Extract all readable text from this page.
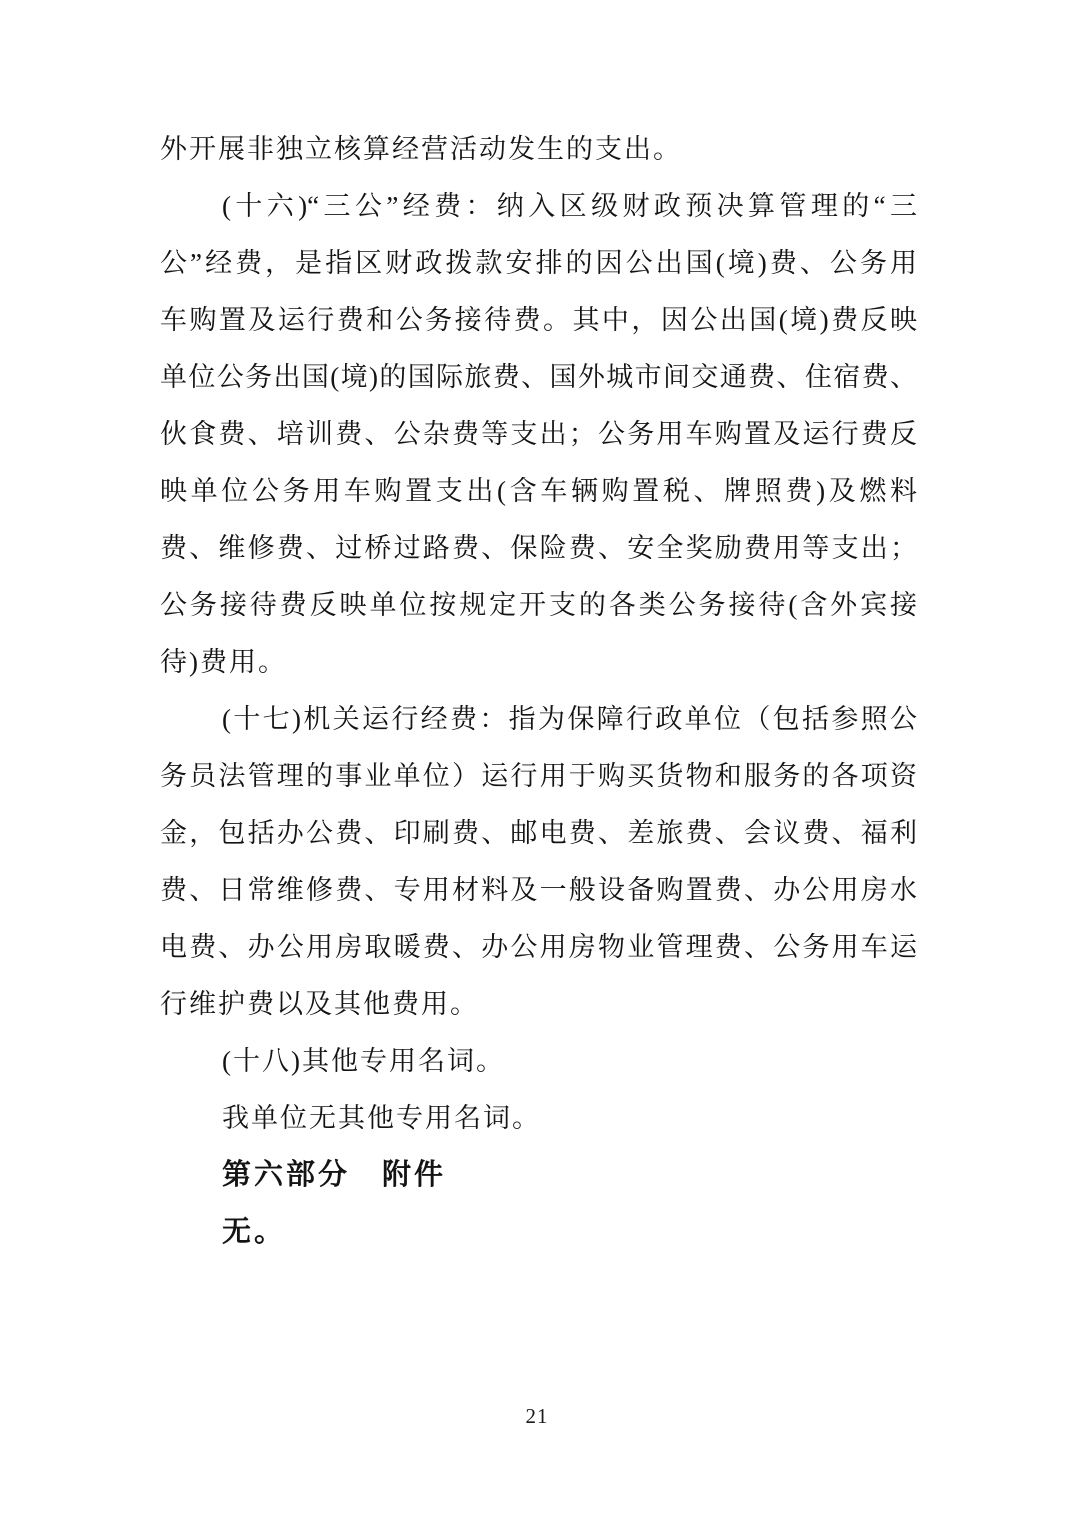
外开展非独立核算经营活动发生的支出。
(十六)“三公”经费：纳入区级财政预决算管理的“三
公”经费，是指区财政拨款安排的因公出国(境)费、公务用
车购置及运行费和公务接待费。其中，因公出国(境)费反映
单位公务出国(境)的国际旅费、国外城市间交通费、住宿费、
伙食费、培训费、公杂费等支出；公务用车购置及运行费反
映单位公务用车购置支出(含车辆购置税、牌照费)及燃料
费、维修费、过桥过路费、保险费、安全奖励费用等支出；
公务接待费反映单位按规定开支的各类公务接待(含外宾接
待)费用。
(十七)机关运行经费：指为保障行政单位（包括参照公
务员法管理的事业单位）运行用于购买货物和服务的各项资
金，包括办公费、印刷费、邮电费、差旅费、会议费、福利
费、日常维修费、专用材料及一般设备购置费、办公用房水
电费、办公用房取暖费、办公用房物业管理费、公务用车运
行维护费以及其他费用。
(十八)其他专用名词。
我单位无其他专用名词。
第六部分　附件
无。
21
